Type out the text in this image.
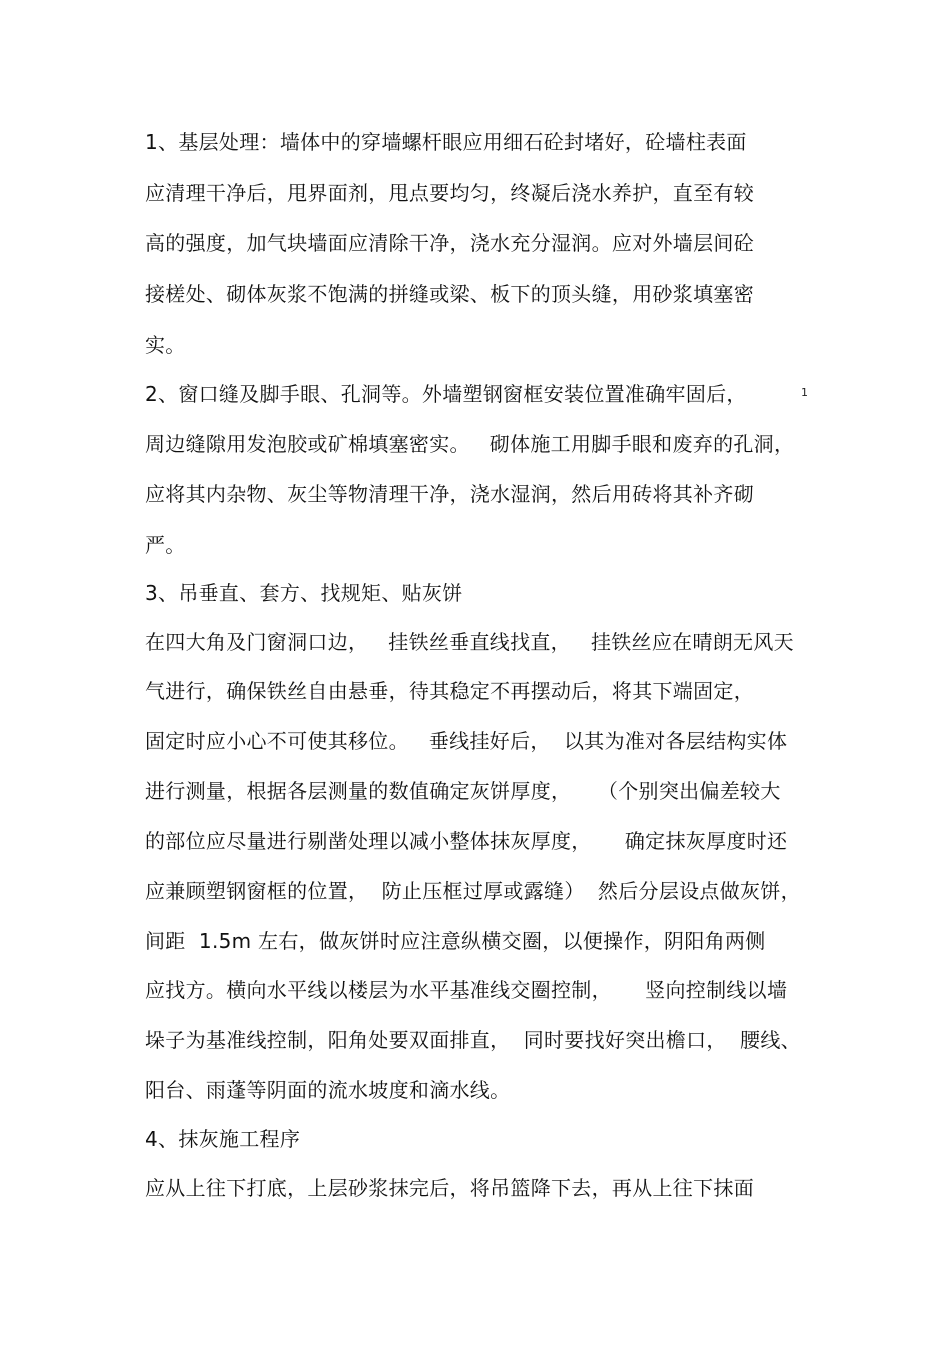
1、基层处理：墙体中的穿墙螺杆眼应用细石砼封堵好，砼墙柱表面
应清理干净后，甩界面剂，甩点要均匀，终凝后浇水养护，直至有较
高的强度，加气块墙面应清除干净，浇水充分湿润。应对外墙层间砼
接槎处、砌体灰浆不饱满的拼缝或梁、板下的顶头缝，用砂浆填塞密
实。
2、窗口缝及脚手眼、孔洞等。外墙塑钢窗框安装位置准确牢固后，
周边缝隙用发泡胶或矿棉填塞密实。   砌体施工用脚手眼和废弃的孔洞，
应将其内杂物、灰尘等物清理干净，浇水湿润，然后用砖将其补齐砌
严。
3、吊垂直、套方、找规矩、贴灰饼
在四大角及门窗洞口边，   挂铁丝垂直线找直，   挂铁丝应在晴朗无风天
气进行，确保铁丝自由悬垂，待其稳定不再摆动后，将其下端固定，
固定时应小心不可使其移位。   垂线挂好后，  以其为准对各层结构实体
进行测量，根据各层测量的数值确定灰饼厚度，    （个别突出偏差较大
的部位应尽量进行剔凿处理以减小整体抹灰厚度，     确定抹灰厚度时还
应兼顾塑钢窗框的位置，  防止压框过厚或露缝）  然后分层设点做灰饼，
间距  1.5m 左右，做灰饼时应注意纵横交圈，以便操作，阴阳角两侧
应找方。横向水平线以楼层为水平基准线交圈控制，     竖向控制线以墙
垛子为基准线控制，阳角处要双面排直，  同时要找好突出檐口，  腰线、
阳台、雨蓬等阴面的流水坡度和滴水线。
4、抹灰施工程序
应从上往下打底，上层砂浆抹完后，将吊篮降下去，再从上往下抹面
1
